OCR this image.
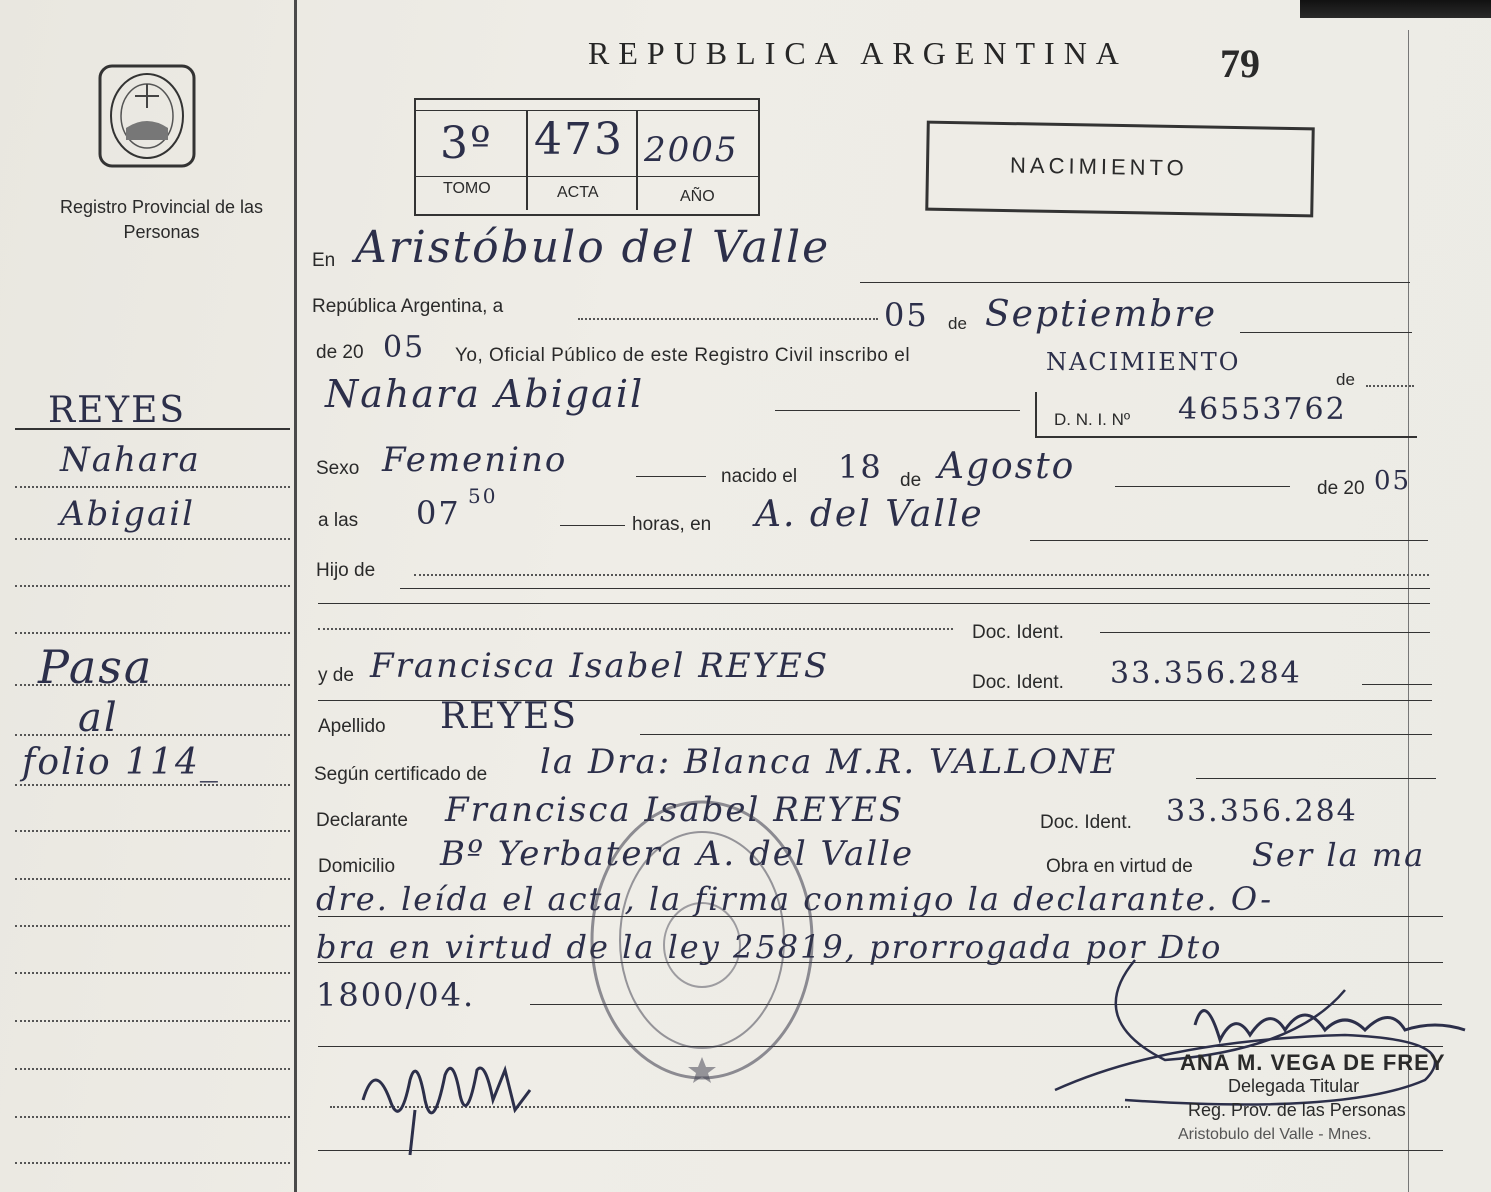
Registro Provincial de las Personas
REYES
Nahara
Abigail
Pasa
al
folio 114_
REPUBLICA ARGENTINA 79
3º 473 2005
TOMO	ACTA	AÑO
NACIMIENTO
En Aristóbulo del Valle
República Argentina, a	05 de Septiembre
de 20 05 Yo, Oficial Público de este Registro Civil inscribo el	NACIMIENTO
de
Nahara Abigail
D. N. I. Nº 46553762
Sexo Femenino	nacido el 18 de Agosto
de 20 05
a las 07 50
horas, en A. del Valle
Hijo de
Doc. Ident.
y de Francisca Isabel REYES	Doc. Ident. 33.356.284
Apellido REYES
Según certificado de la Dra: Blanca M.R. VALLONE
Declarante Francisca Isabel REYES	Doc. Ident. 33.356.284
Domicilio Bº Yerbatera A. del Valle	Obra en virtud de Ser la ma
dre. leída el acta, la firma conmigo la declarante. O-
bra en virtud de la ley 25819, prorrogada por Dto
1800/04.
ANA M. VEGA DE FREY
Delegada Titular
Reg. Prov. de las Personas
Aristobulo del Valle - Mnes.
